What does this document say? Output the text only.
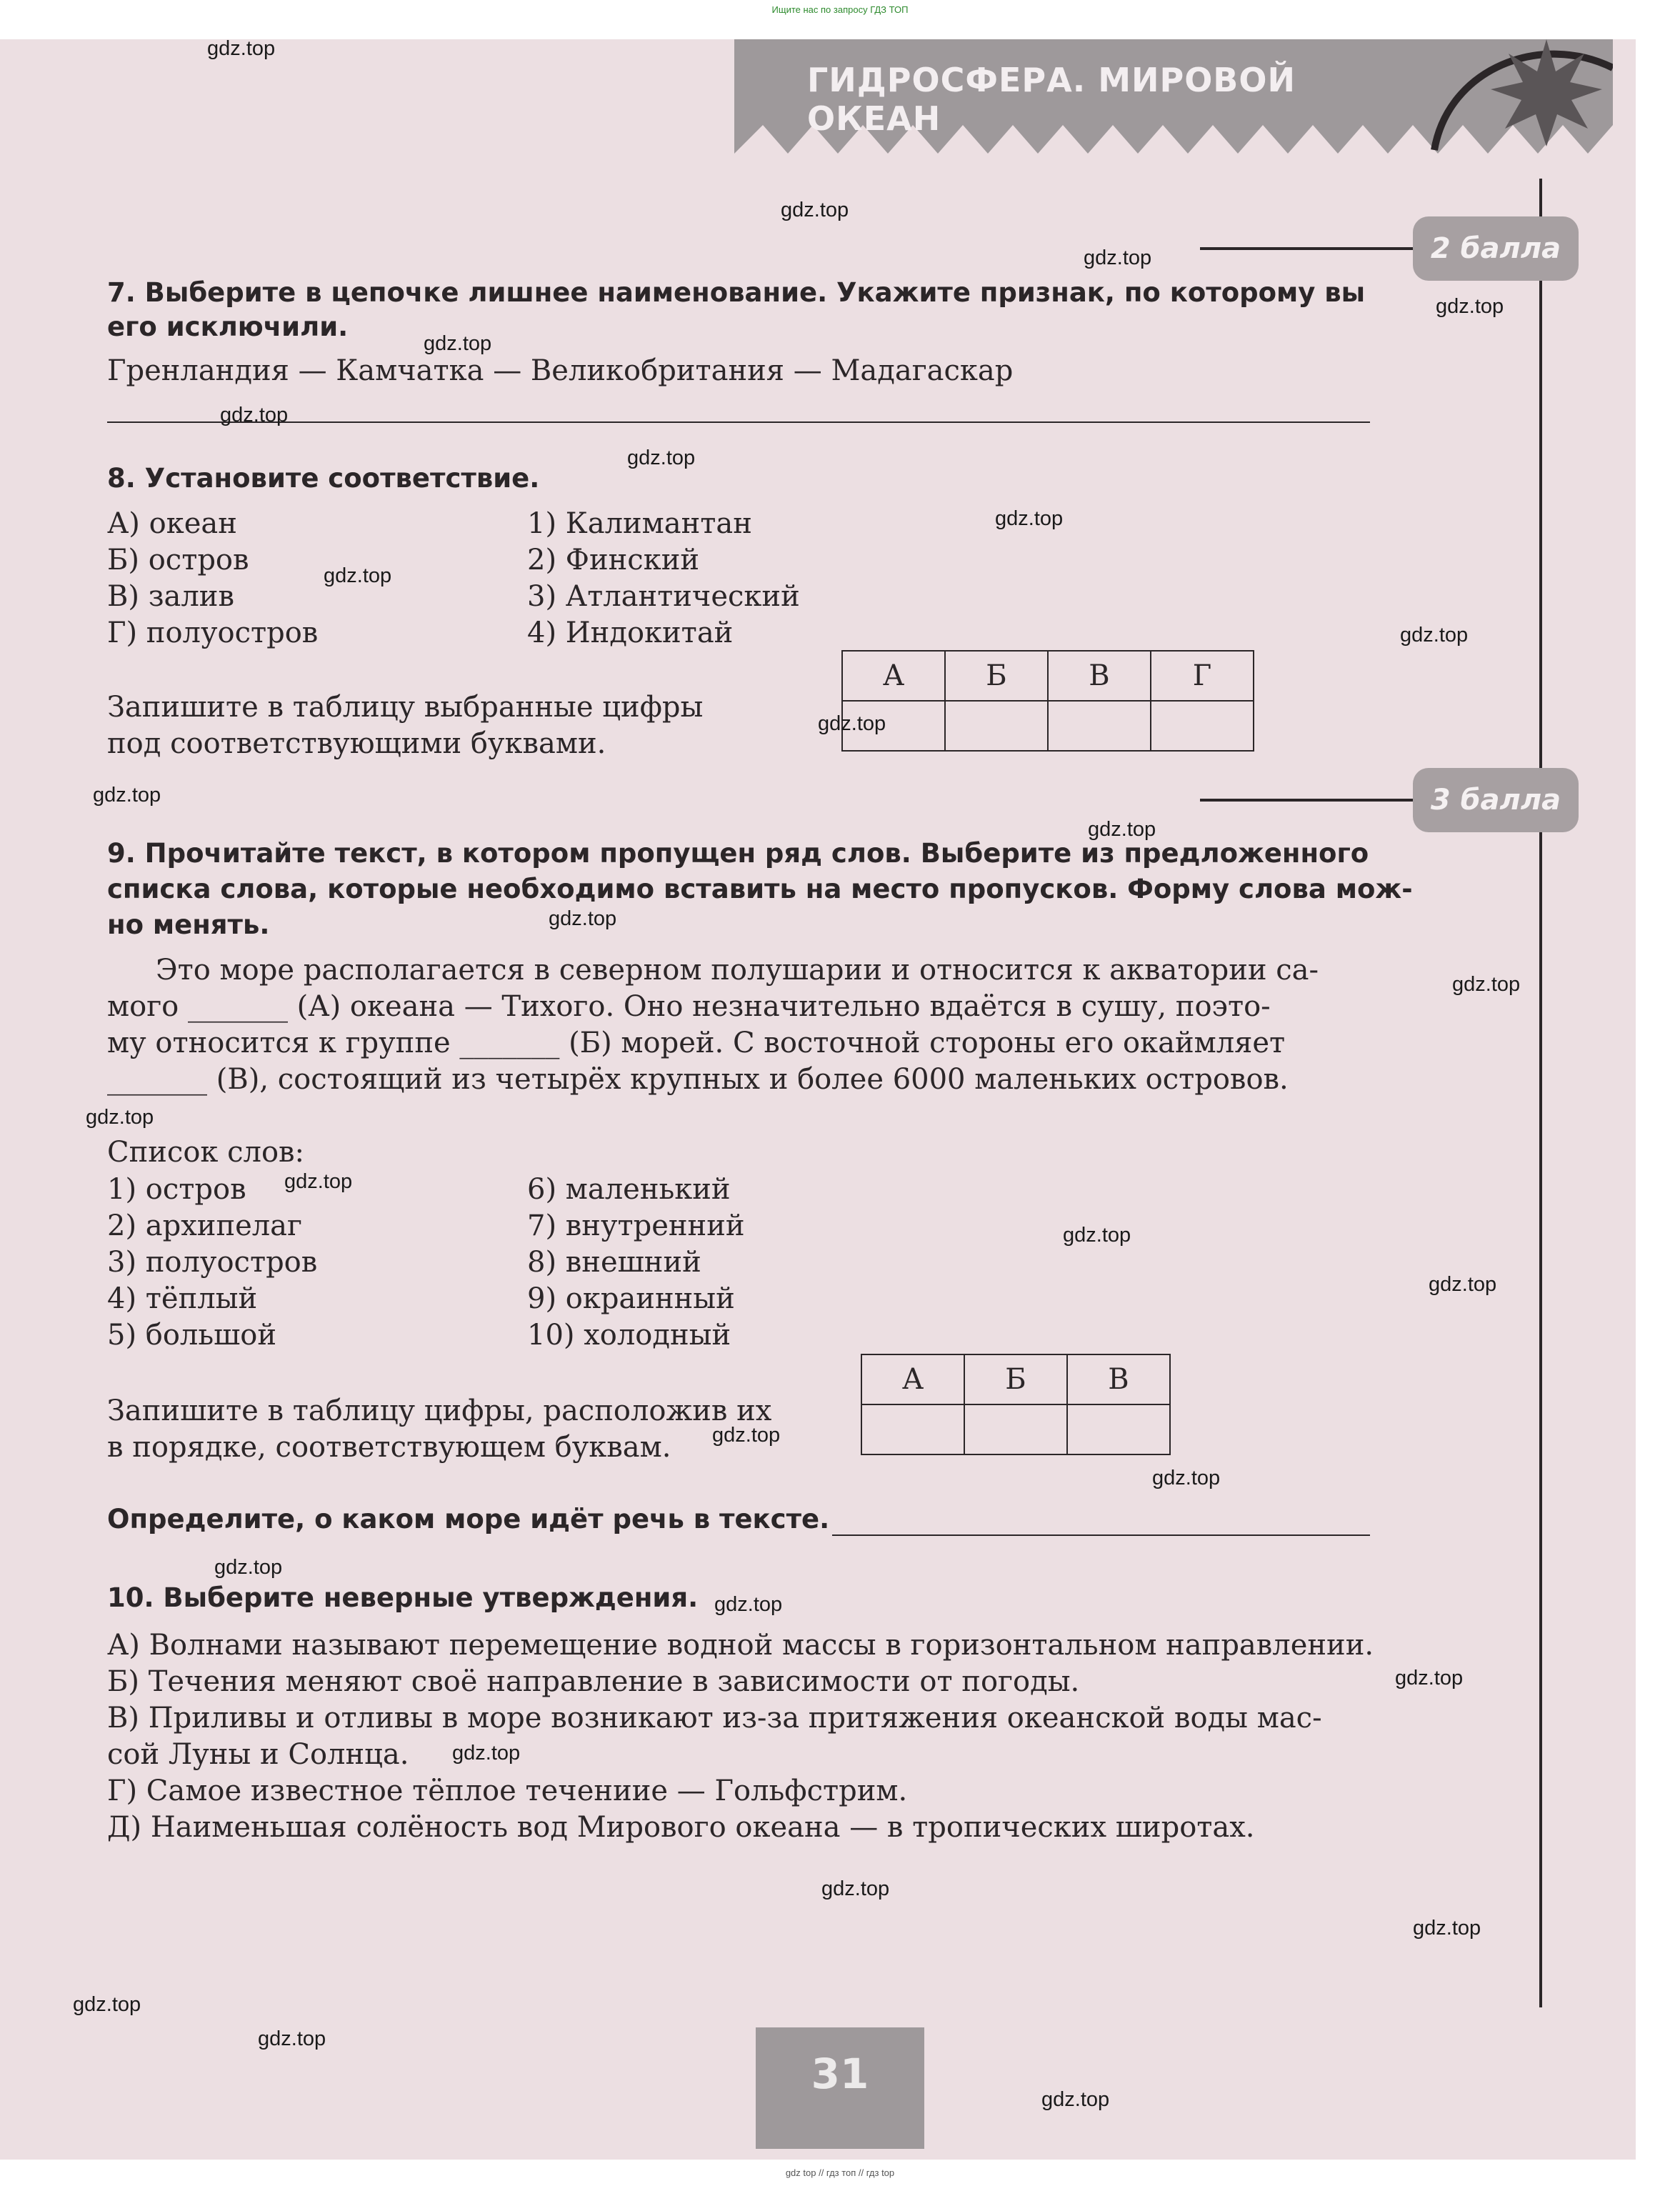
Ищите нас по запросу ГДЗ ТОП
ГИДРОСФЕРА. МИРОВОЙ ОКЕАН
2 балла
7. Выберите в цепочке лишнее наименование. Укажите признак, по которому вы
его исключили.
Гренландия — Камчатка — Великобритания — Мадагаскар
8. Установите соответствие.
А) океан
Б) остров
В) залив
Г) полуостров
1) Калимантан
2) Финский
3) Атлантический
4) Индокитай
Запишите в таблицу выбранные цифры
под соответствующими буквами.
А	Б	В	Г

3 балла
9. Прочитайте текст, в котором пропущен ряд слов. Выберите из предложенного
списка слова, которые необходимо вставить на место пропусков. Форму слова мож-
но менять.
Это море располагается в северном полушарии и относится к акватории са-
мого _______ (А) океана — Тихого. Оно незначительно вдаётся в сушу, поэто-
му относится к группе _______ (Б) морей. С восточной стороны его окаймляет
_______ (В), состоящий из четырёх крупных и более 6000 маленьких островов.
Список слов:
1) остров
2) архипелаг
3) полуостров
4) тёплый
5) большой
6) маленький
7) внутренний
8) внешний
9) окраинный
10) холодный
Запишите в таблицу цифры, расположив их
в порядке, соответствующем буквам.
А	Б	В

Определите, о каком море идёт речь в тексте.
10. Выберите неверные утверждения.
А) Волнами называют перемещение водной массы в горизонтальном направлении.
Б) Течения меняют своё направление в зависимости от погоды.
В) Приливы и отливы в море возникают из-за притяжения океанской воды мас-
сой Луны и Солнца.
Г) Самое известное тёплое течениие — Гольфстрим.
Д) Наименьшая солёность вод Мирового океана — в тропических широтах.
31
gdz.top
gdz.top
gdz.top
gdz.top
gdz.top
gdz.top
gdz.top
gdz.top
gdz.top
gdz.top
gdz.top
gdz.top
gdz.top
gdz.top
gdz.top
gdz.top
gdz.top
gdz.top
gdz.top
gdz.top
gdz.top
gdz.top
gdz.top
gdz.top
gdz.top
gdz.top
gdz.top
gdz.top
gdz.top
gdz.top
gdz top // гдз топ // гдз top
